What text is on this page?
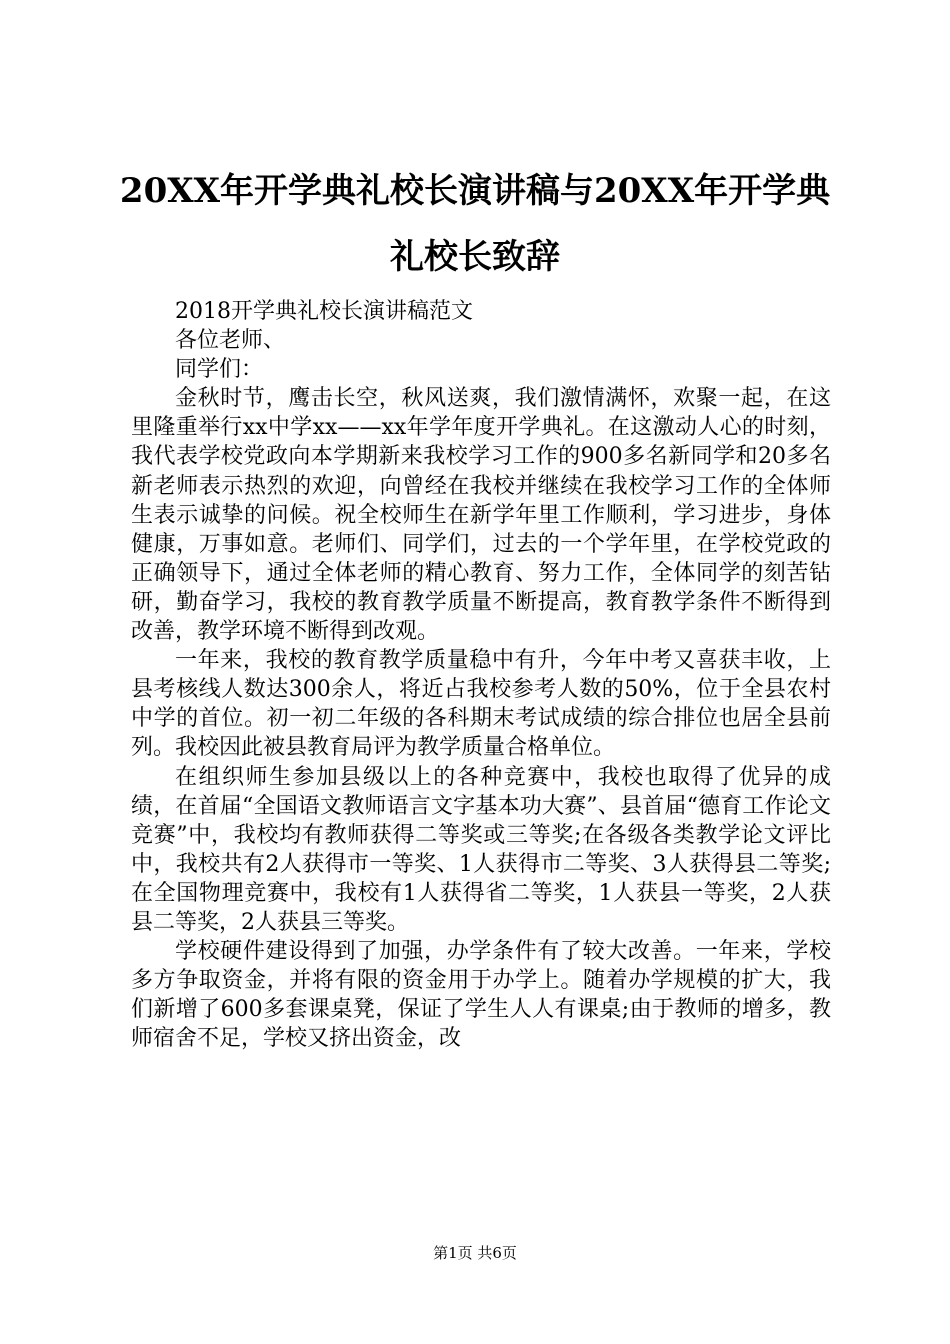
20XX年开学典礼校长演讲稿与20XX年开学典礼校长致辞

2018开学典礼校长演讲稿范文

各位老师、

同学们：

金秋时节，鹰击长空，秋风送爽，我们激情满怀，欢聚一起，在这里隆重举行xx中学xx——xx年学年度开学典礼。在这激动人心的时刻，我代表学校党政向本学期新来我校学习工作的900多名新同学和20多名新老师表示热烈的欢迎，向曾经在我校并继续在我校学习工作的全体师生表示诚挚的问候。祝全校师生在新学年里工作顺利，学习进步，身体健康，万事如意。老师们、同学们，过去的一个学年里，在学校党政的正确领导下，通过全体老师的精心教育、努力工作，全体同学的刻苦钻研，勤奋学习，我校的教育教学质量不断提高，教育教学条件不断得到改善，教学环境不断得到改观。

一年来，我校的教育教学质量稳中有升，今年中考又喜获丰收，上县考核线人数达300余人，将近占我校参考人数的50%，位于全县农村中学的首位。初一初二年级的各科期末考试成绩的综合排位也居全县前列。我校因此被县教育局评为教学质量合格单位。

在组织师生参加县级以上的各种竞赛中，我校也取得了优异的成绩，在首届“全国语文教师语言文字基本功大赛”、县首届“德育工作论文竞赛”中，我校均有教师获得二等奖或三等奖;在各级各类教学论文评比中，我校共有2人获得市一等奖、1人获得市二等奖、3人获得县二等奖;在全国物理竞赛中，我校有1人获得省二等奖，1人获县一等奖，2人获县二等奖，2人获县三等奖。

学校硬件建设得到了加强，办学条件有了较大改善。一年来，学校多方争取资金，并将有限的资金用于办学上。随着办学规模的扩大，我们新增了600多套课桌凳，保证了学生人人有课桌;由于教师的增多，教师宿舍不足，学校又挤出资金，改

第1页 共6页
